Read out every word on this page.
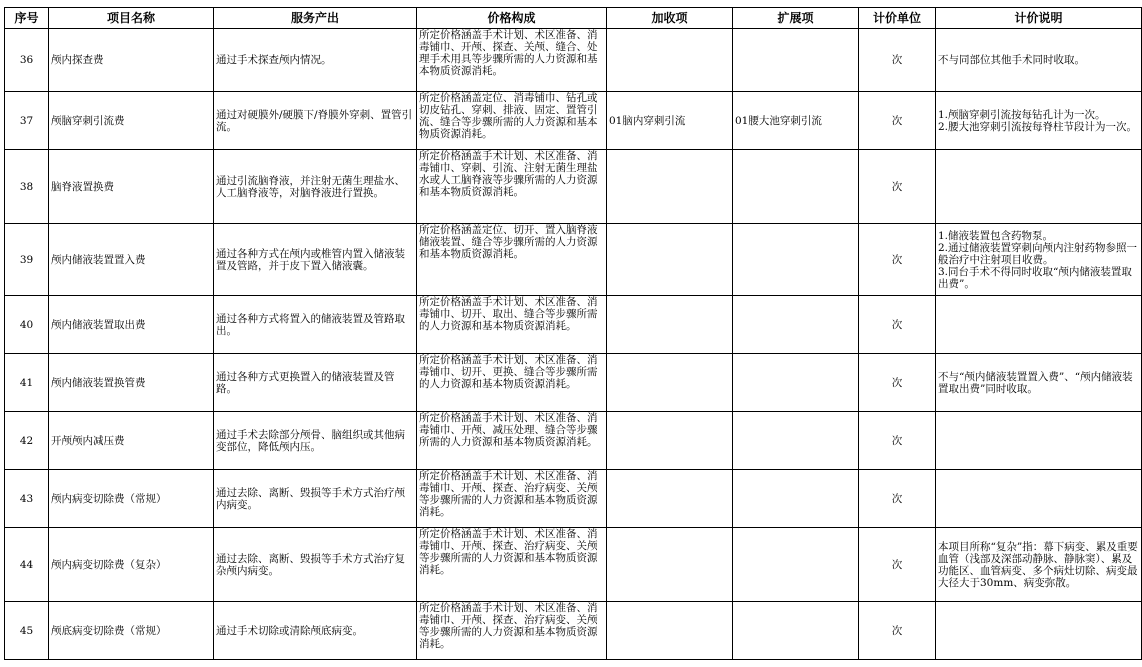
序号	项目名称	服务产出	价格构成	加收项	扩展项	计价单位	计价说明
36	颅内探查费	通过手术探查颅内情况。	所定价格涵盖手术计划、术区准备、消毒铺巾、开颅、探查、关颅、缝合、处理手术用具等步骤所需的人力资源和基本物质资源消耗。			次	不与同部位其他手术同时收取。
37	颅脑穿刺引流费	通过对硬膜外/硬膜下/脊膜外穿刺、置管引流。	所定价格涵盖定位、消毒铺巾、钻孔或切皮钻孔、穿刺、排液、固定、置管引流、缝合等步骤所需的人力资源和基本物质资源消耗。	01脑内穿刺引流	01腰大池穿刺引流	次	1.颅脑穿刺引流按每钻孔计为一次。
2.腰大池穿刺引流按每脊柱节段计为一次。
38	脑脊液置换费	通过引流脑脊液，并注射无菌生理盐水、人工脑脊液等，对脑脊液进行置换。	所定价格涵盖手术计划、术区准备、消毒铺巾、穿刺、引流、注射无菌生理盐水或人工脑脊液等步骤所需的人力资源和基本物质资源消耗。			次	
39	颅内储液装置置入费	通过各种方式在颅内或椎管内置入储液装置及管路，并于皮下置入储液囊。	所定价格涵盖定位、切开、置入脑脊液储液装置、缝合等步骤所需的人力资源和基本物质资源消耗。			次	1.储液装置包含药物泵。
2.通过储液装置穿刺向颅内注射药物参照一般治疗中注射项目收费。
3.同台手术不得同时收取“颅内储液装置取出费”。
40	颅内储液装置取出费	通过各种方式将置入的储液装置及管路取出。	所定价格涵盖手术计划、术区准备、消毒铺巾、切开、取出、缝合等步骤所需的人力资源和基本物质资源消耗。			次	
41	颅内储液装置换管费	通过各种方式更换置入的储液装置及管路。	所定价格涵盖手术计划、术区准备、消毒铺巾、切开、更换、缝合等步骤所需的人力资源和基本物质资源消耗。			次	不与“颅内储液装置置入费”、“颅内储液装置取出费”同时收取。
42	开颅颅内减压费	通过手术去除部分颅骨、脑组织或其他病变部位，降低颅内压。	所定价格涵盖手术计划、术区准备、消毒铺巾、开颅、减压处理、缝合等步骤所需的人力资源和基本物质资源消耗。			次	
43	颅内病变切除费（常规）	通过去除、离断、毁损等手术方式治疗颅内病变。	所定价格涵盖手术计划、术区准备、消毒铺巾、开颅、探查、治疗病变、关颅等步骤所需的人力资源和基本物质资源消耗。			次	
44	颅内病变切除费（复杂）	通过去除、离断、毁损等手术方式治疗复杂颅内病变。	所定价格涵盖手术计划、术区准备、消毒铺巾、开颅、探查、治疗病变、关颅等步骤所需的人力资源和基本物质资源消耗。			次	本项目所称“复杂”指：幕下病变、累及重要血管（浅部及深部动静脉、静脉窦）、累及功能区、血管病变、多个病灶切除、病变最大径大于30mm、病变弥散。
45	颅底病变切除费（常规）	通过手术切除或清除颅底病变。	所定价格涵盖手术计划、术区准备、消毒铺巾、开颅、探查、治疗病变、关颅等步骤所需的人力资源和基本物质资源消耗。			次	
